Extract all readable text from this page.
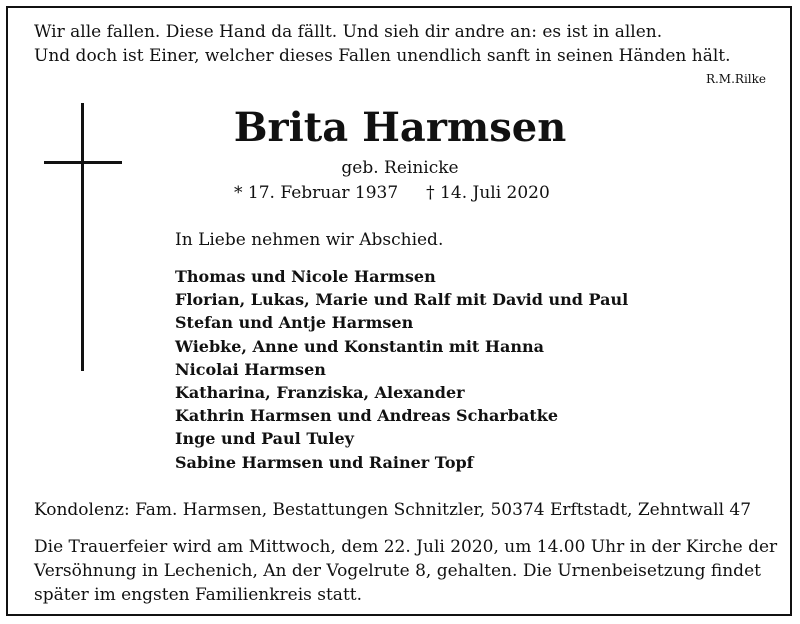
Wir alle fallen. Diese Hand da fällt. Und sieh dir andre an: es ist in allen.
Und doch ist Einer, welcher dieses Fallen unendlich sanft in seinen Händen hält.

R.M.Rilke

Brita Harmsen

geb. Reinicke

* 17. Februar 1937 † 14. Juli 2020

In Liebe nehmen wir Abschied.

Thomas und Nicole Harmsen
Florian, Lukas, Marie und Ralf mit David und Paul
Stefan und Antje Harmsen
Wiebke, Anne und Konstantin mit Hanna
Nicolai Harmsen
Katharina, Franziska, Alexander
Kathrin Harmsen und Andreas Scharbatke
Inge und Paul Tuley
Sabine Harmsen und Rainer Topf

Kondolenz: Fam. Harmsen, Bestattungen Schnitzler, 50374 Erftstadt, Zehntwall 47

Die Trauerfeier wird am Mittwoch, dem 22. Juli 2020, um 14.00 Uhr in der Kirche der
Versöhnung in Lechenich, An der Vogelrute 8, gehalten. Die Urnenbeisetzung findet
später im engsten Familienkreis statt.
